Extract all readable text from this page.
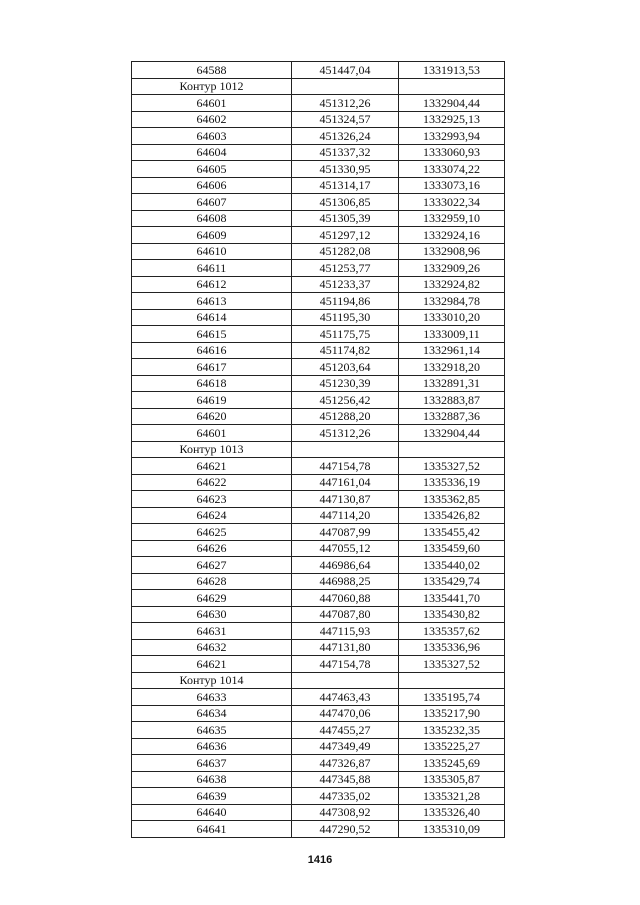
64588	451447,04	1331913,53
Контур 1012		
64601	451312,26	1332904,44
64602	451324,57	1332925,13
64603	451326,24	1332993,94
64604	451337,32	1333060,93
64605	451330,95	1333074,22
64606	451314,17	1333073,16
64607	451306,85	1333022,34
64608	451305,39	1332959,10
64609	451297,12	1332924,16
64610	451282,08	1332908,96
64611	451253,77	1332909,26
64612	451233,37	1332924,82
64613	451194,86	1332984,78
64614	451195,30	1333010,20
64615	451175,75	1333009,11
64616	451174,82	1332961,14
64617	451203,64	1332918,20
64618	451230,39	1332891,31
64619	451256,42	1332883,87
64620	451288,20	1332887,36
64601	451312,26	1332904,44
Контур 1013		
64621	447154,78	1335327,52
64622	447161,04	1335336,19
64623	447130,87	1335362,85
64624	447114,20	1335426,82
64625	447087,99	1335455,42
64626	447055,12	1335459,60
64627	446986,64	1335440,02
64628	446988,25	1335429,74
64629	447060,88	1335441,70
64630	447087,80	1335430,82
64631	447115,93	1335357,62
64632	447131,80	1335336,96
64621	447154,78	1335327,52
Контур 1014		
64633	447463,43	1335195,74
64634	447470,06	1335217,90
64635	447455,27	1335232,35
64636	447349,49	1335225,27
64637	447326,87	1335245,69
64638	447345,88	1335305,87
64639	447335,02	1335321,28
64640	447308,92	1335326,40
64641	447290,52	1335310,09
1416
